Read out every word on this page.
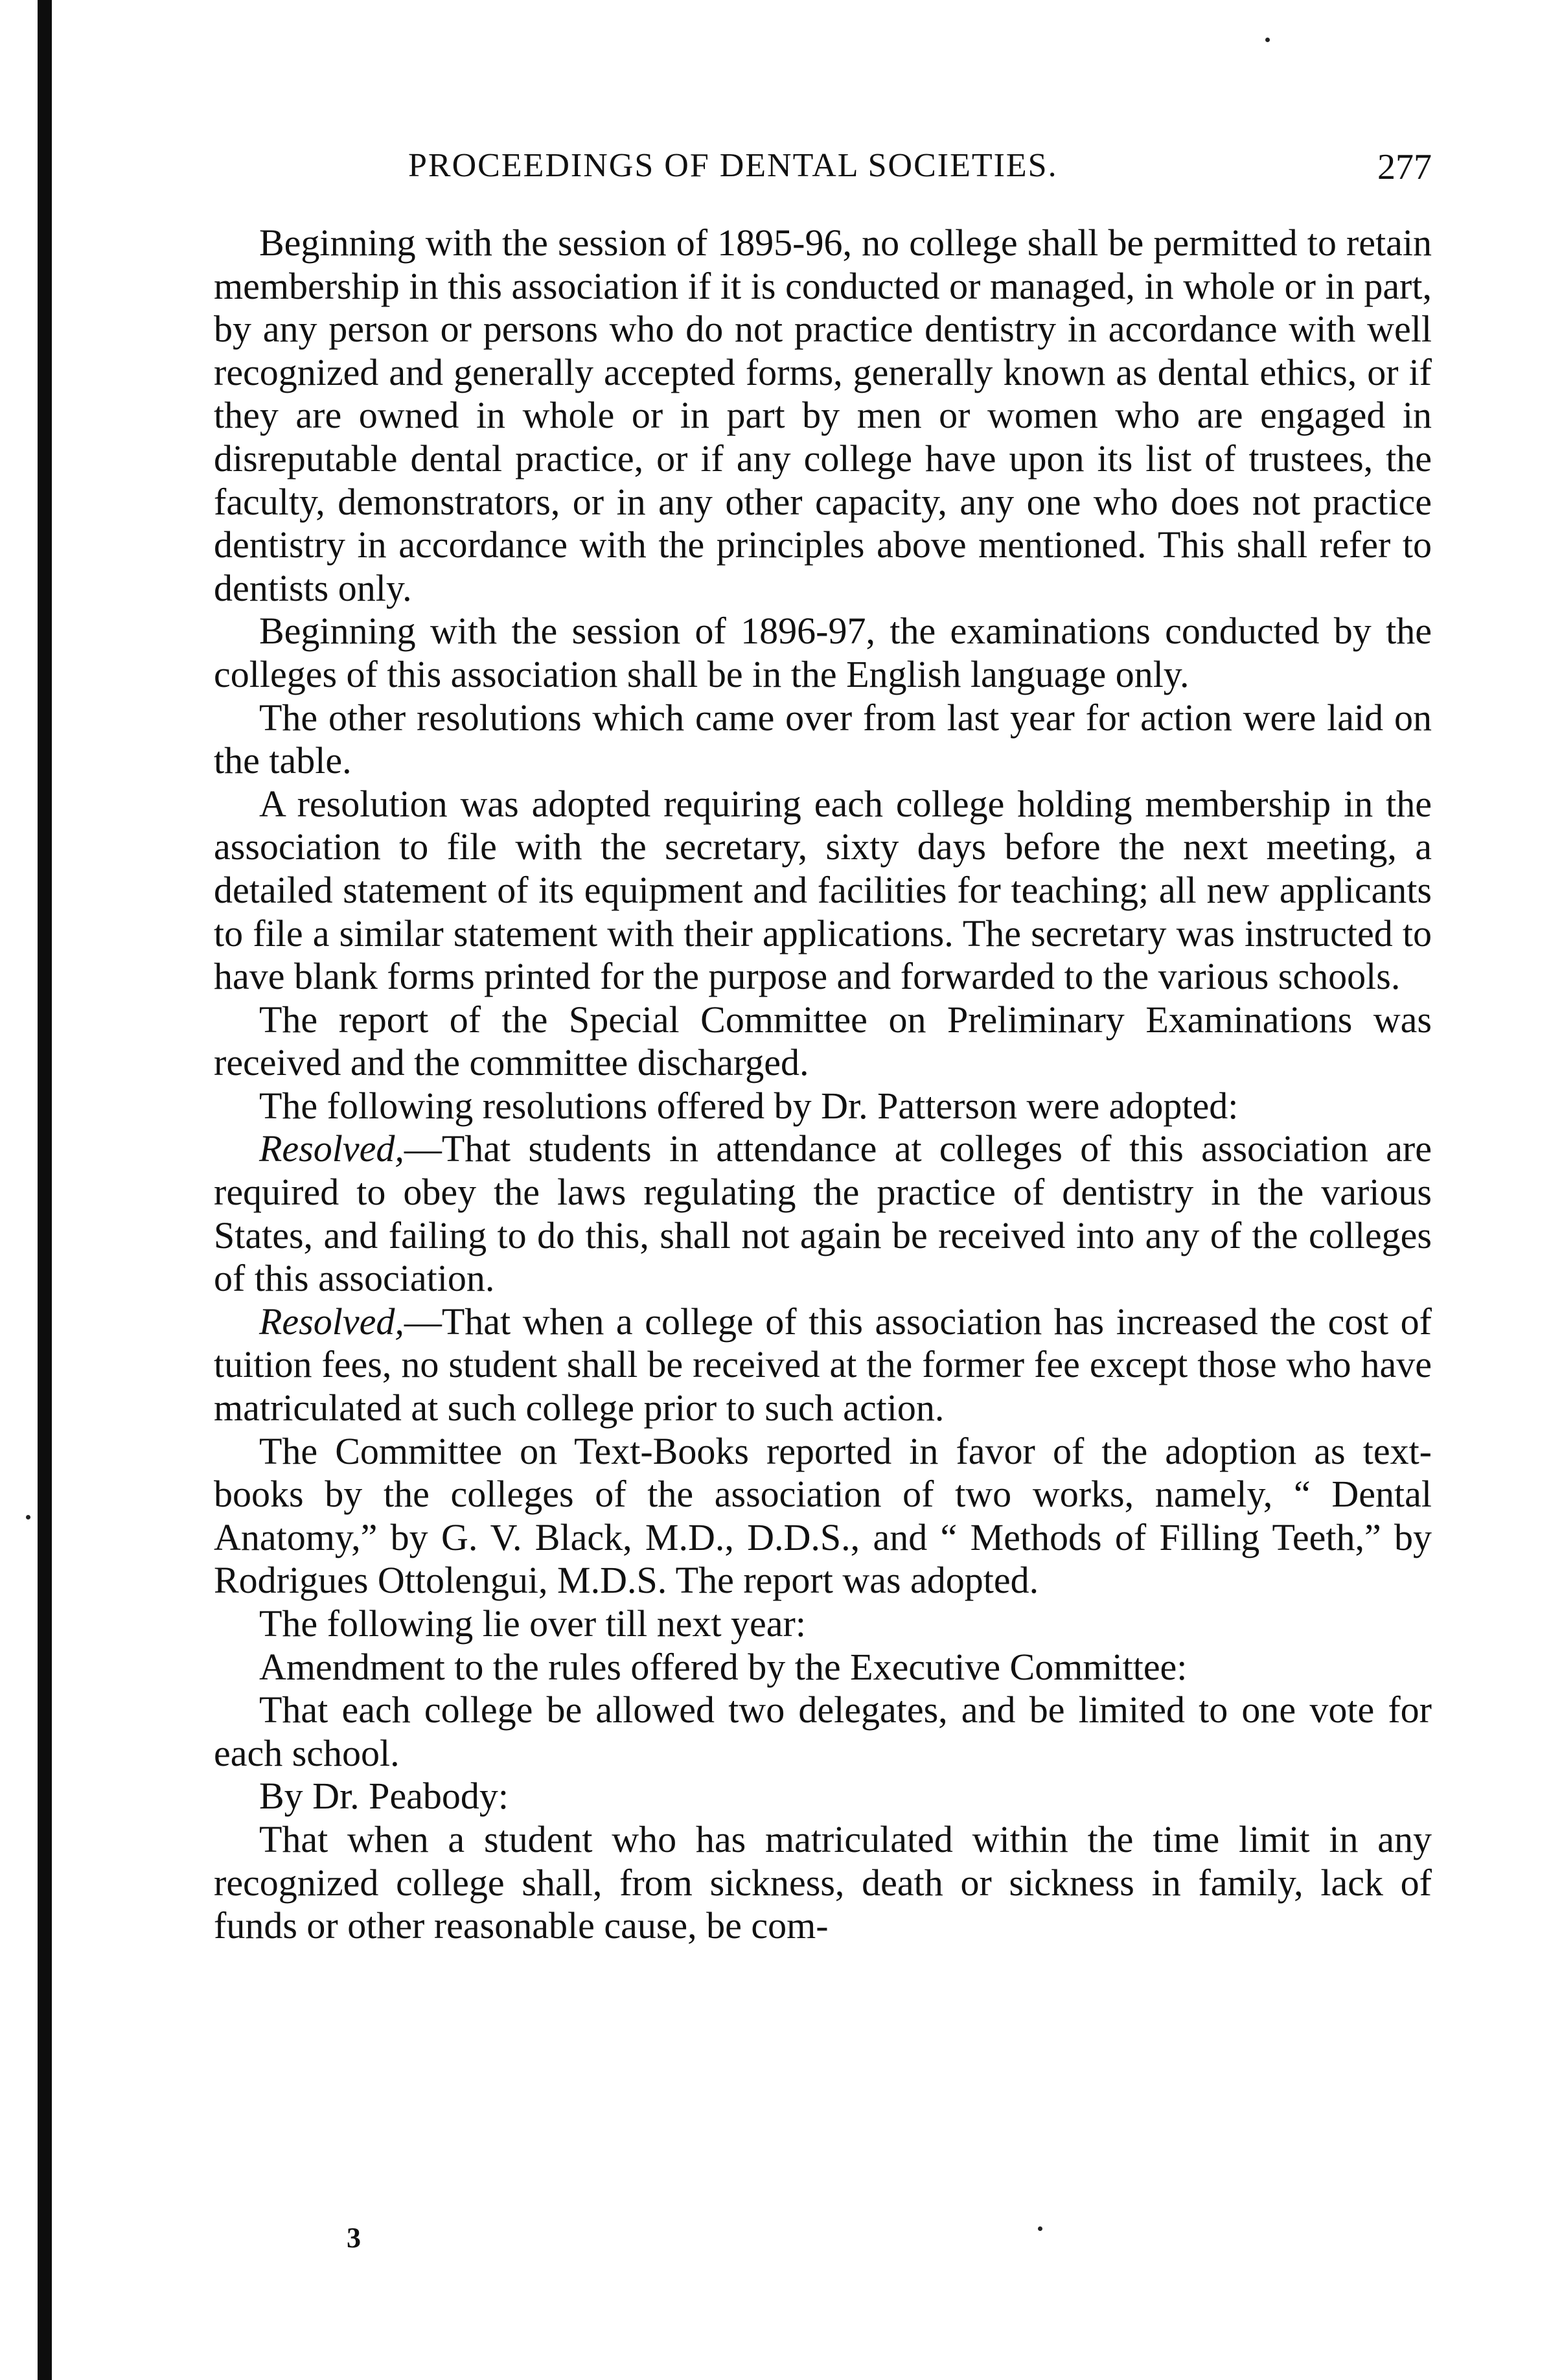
PROCEEDINGS OF DENTAL SOCIETIES.	277

Beginning with the session of 1895-96, no college shall be permitted to retain membership in this association if it is conducted or managed, in whole or in part, by any person or persons who do not practice dentistry in accordance with well recognized and generally accepted forms, generally known as dental ethics, or if they are owned in whole or in part by men or women who are engaged in disreputable dental practice, or if any college have upon its list of trustees, the faculty, demonstrators, or in any other capacity, any one who does not practice dentistry in accordance with the principles above mentioned. This shall refer to dentists only.

Beginning with the session of 1896-97, the examinations conducted by the colleges of this association shall be in the English language only.

The other resolutions which came over from last year for action were laid on the table.

A resolution was adopted requiring each college holding membership in the association to file with the secretary, sixty days before the next meeting, a detailed statement of its equipment and facilities for teaching; all new applicants to file a similar statement with their applications. The secretary was instructed to have blank forms printed for the purpose and forwarded to the various schools.

The report of the Special Committee on Preliminary Examinations was received and the committee discharged.

The following resolutions offered by Dr. Patterson were adopted:

Resolved,—That students in attendance at colleges of this association are required to obey the laws regulating the practice of dentistry in the various States, and failing to do this, shall not again be received into any of the colleges of this association.

Resolved,—That when a college of this association has increased the cost of tuition fees, no student shall be received at the former fee except those who have matriculated at such college prior to such action.

The Committee on Text-Books reported in favor of the adoption as text-books by the colleges of the association of two works, namely, “ Dental Anatomy,” by G. V. Black, M.D., D.D.S., and “ Methods of Filling Teeth,” by Rodrigues Ottolengui, M.D.S. The report was adopted.

The following lie over till next year:

Amendment to the rules offered by the Executive Committee:

That each college be allowed two delegates, and be limited to one vote for each school.

By Dr. Peabody:

That when a student who has matriculated within the time limit in any recognized college shall, from sickness, death or sickness in family, lack of funds or other reasonable cause, be com-

3
